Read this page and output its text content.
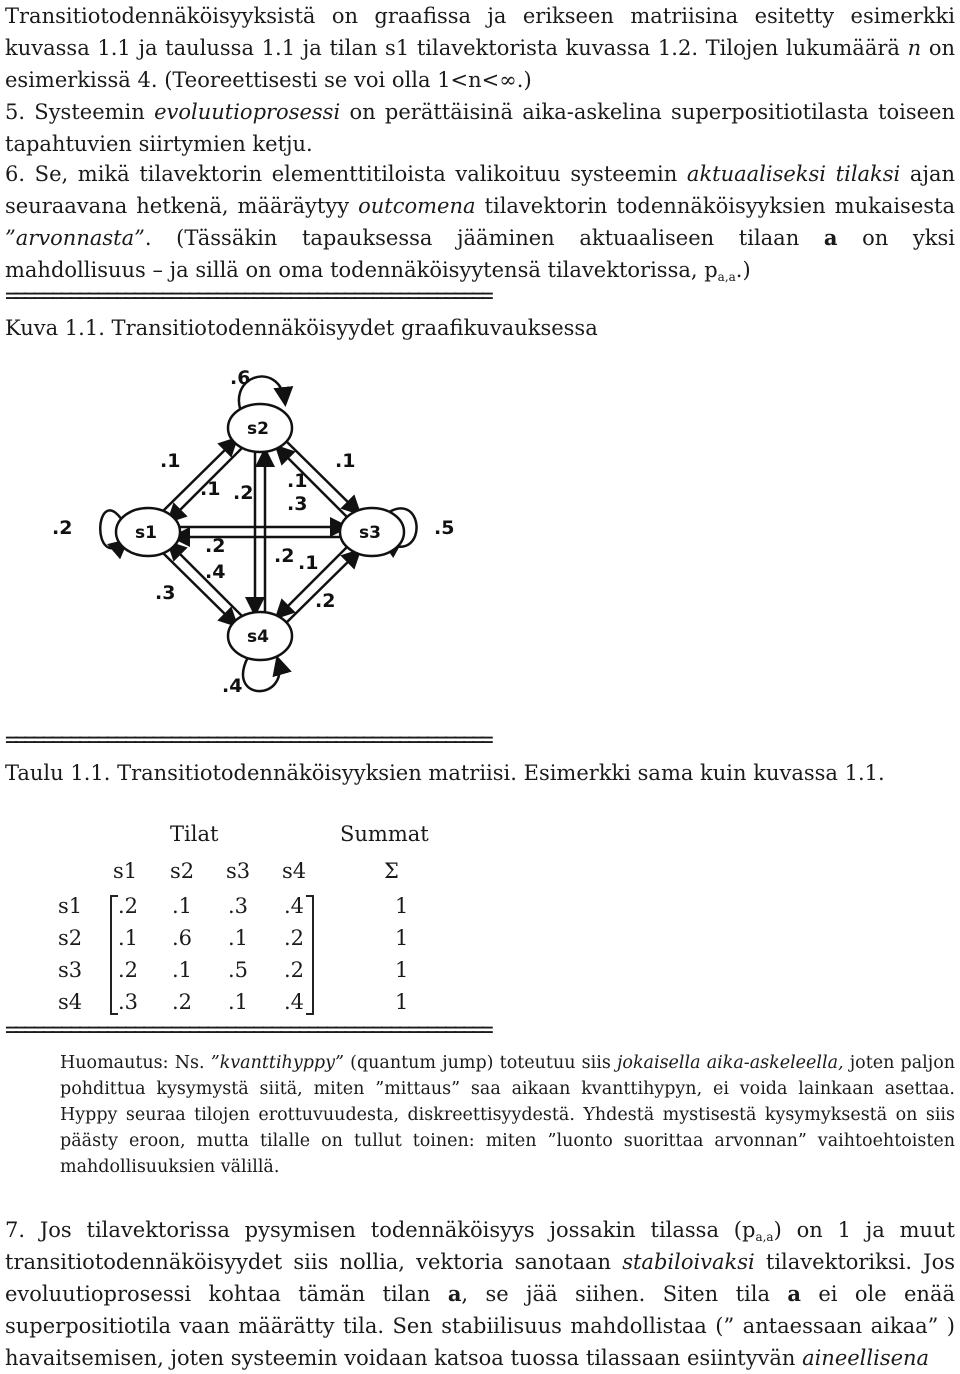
Transitiotodennäköisyyksistä on graafissa ja erikseen matriisina esitetty esimerkki
kuvassa 1.1 ja taulussa 1.1 ja tilan s1 tilavektorista kuvassa 1.2. Tilojen lukumäärä n on
esimerkissä 4. (Teoreettisesti se voi olla 1<n<∞.)
5. Systeemin evoluutioprosessi on perättäisinä aika-askelina superpositiotilasta toiseen
tapahtuvien siirtymien ketju.
6. Se, mikä tilavektorin elementtitiloista valikoituu systeemin aktuaaliseksi tilaksi ajan
seuraavana hetkenä, määräytyy outcomena tilavektorin todennäköisyyksien mukaisesta
”arvonnasta”. (Tässäkin tapauksessa jääminen aktuaaliseen tilaan a on yksi
mahdollisuus – ja sillä on oma todennäköisyytensä tilavektorissa, $p_{a,a}$.)
=====================================================
Kuva 1.1. Transitiotodennäköisyydet graafikuvauksessa
s1
s2
s3
s4
.6
.2	.5
.4
.1	.1
.3	.2
.1 .2
.1
.3
.2
.4
.2 .1
=====================================================
Taulu 1.1. Transitiotodennäköisyyksien matriisi. Esimerkki sama kuin kuvassa 1.1.
Tilat	Summat
s1 s2 s3 s4	Σ
s1 .2 .1 .3 .4	1
s2 .1 .6 .1 .2	1
s3 .2 .1 .5 .2	1
s4 .3 .2 .1 .4	1
=====================================================
Huomautus: Ns. ”kvanttihyppy” (quantum jump) toteutuu siis jokaisella aika-askeleella, joten paljon
pohdittua kysymystä siitä, miten ”mittaus” saa aikaan kvanttihypyn, ei voida lainkaan asettaa.
Hyppy seuraa tilojen erottuvuudesta, diskreettisyydestä. Yhdestä mystisestä kysymyksestä on siis
päästy eroon, mutta tilalle on tullut toinen: miten ”luonto suorittaa arvonnan” vaihtoehtoisten
mahdollisuuksien välillä.
7. Jos tilavektorissa pysymisen todennäköisyys jossakin tilassa $(p_{a,a})$ on 1 ja muut
transitiotodennäköisyydet siis nollia, vektoria sanotaan stabiloivaksi tilavektoriksi. Jos
evoluutioprosessi kohtaa tämän tilan a, se jää siihen. Siten tila a ei ole enää
superpositiotila vaan määrätty tila. Sen stabiilisuus mahdollistaa (” antaessaan aikaa” )
havaitsemisen, joten systeemin voidaan katsoa tuossa tilassaan esiintyvän aineellisena
